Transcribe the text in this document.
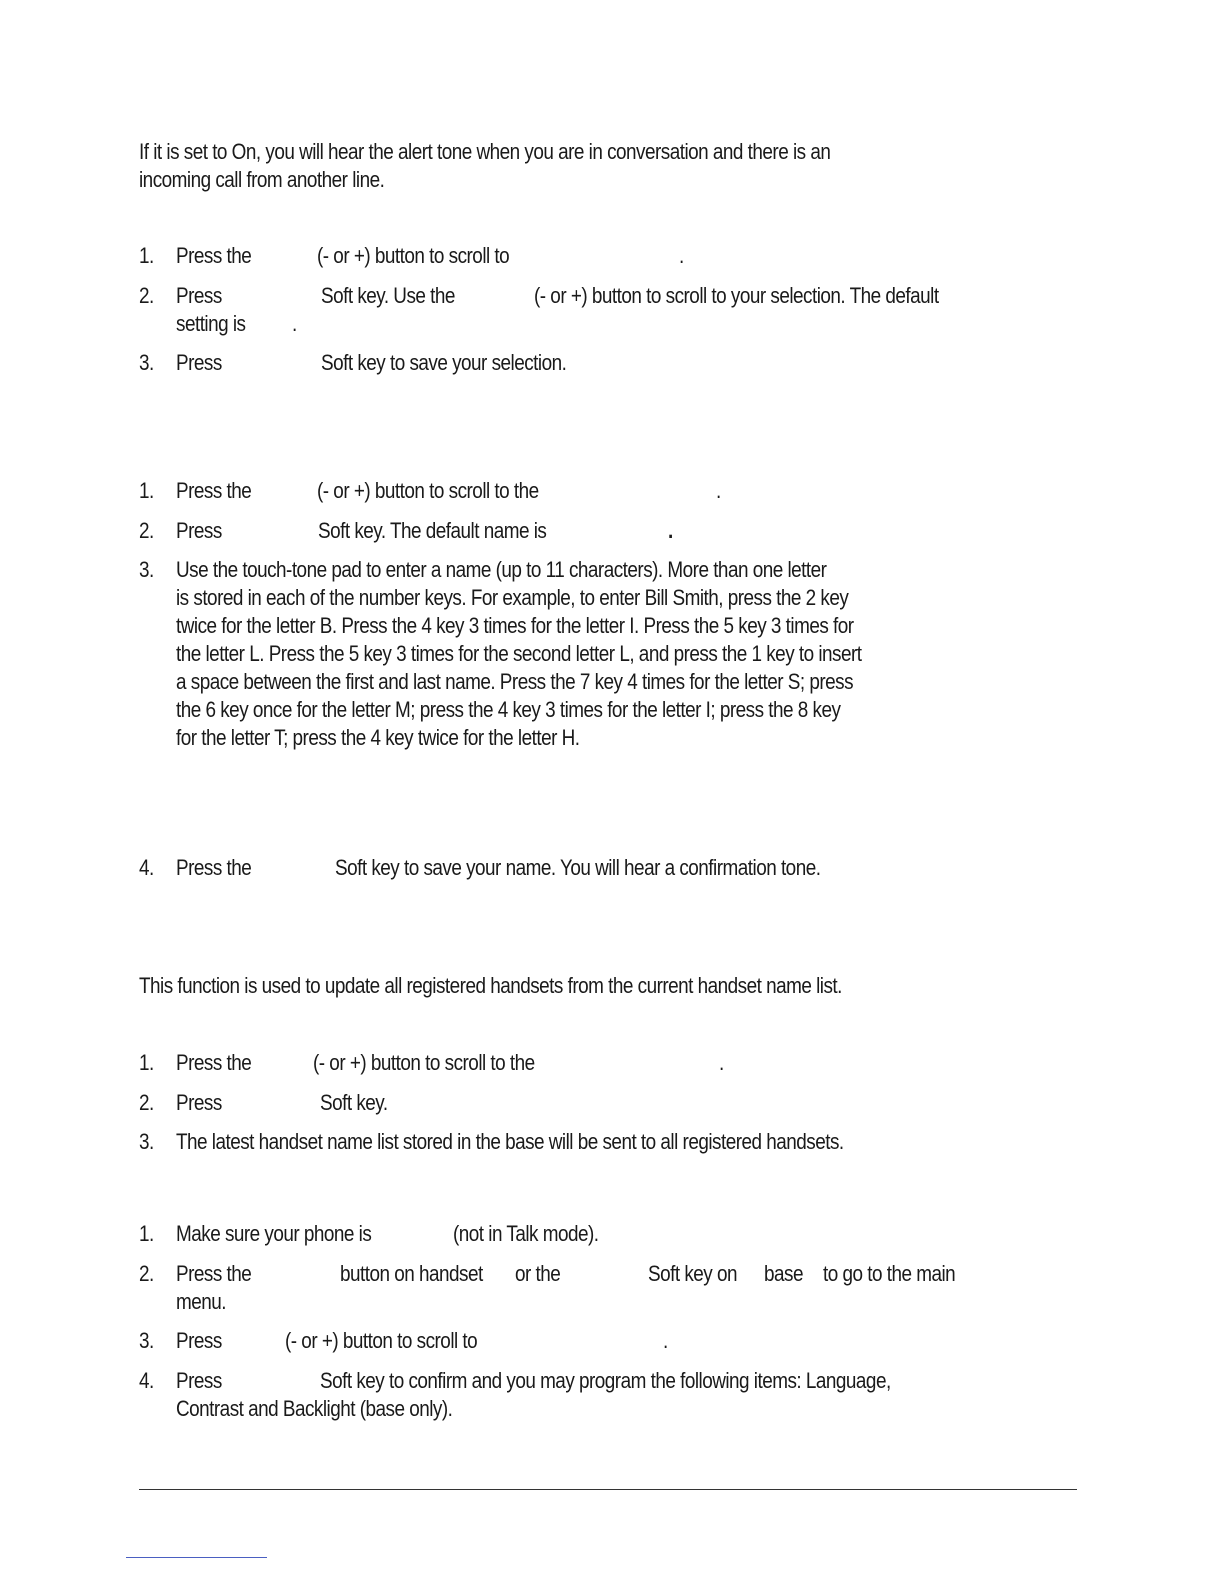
If it is set to On, you will hear the alert tone when you are in conversation and there is an
incoming call from another line.
1.	Press the	(- or +) button to scroll to	.
2.	Press	Soft key. Use the	(- or +) button to scroll to your selection. The default
setting is .
3.	Press	Soft key to save your selection.
1.	Press the	(- or +) button to scroll to the	.
2.	Press	Soft key. The default name is	.
3.	Use the touch-tone pad to enter a name (up to 11 characters). More than one letter
is stored in each of the number keys. For example, to enter Bill Smith, press the 2 key
twice for the letter B. Press the 4 key 3 times for the letter I. Press the 5 key 3 times for
the letter L. Press the 5 key 3 times for the second letter L, and press the 1 key to insert
a space between the first and last name. Press the 7 key 4 times for the letter S; press
the 6 key once for the letter M; press the 4 key 3 times for the letter I; press the 8 key
for the letter T; press the 4 key twice for the letter H.
4.	Press the	Soft key to save your name. You will hear a confirmation tone.
This function is used to update all registered handsets from the current handset name list.
1.	Press the	(- or +) button to scroll to the	.
2.	Press	Soft key.
3.	The latest handset name list stored in the base will be sent to all registered handsets.
1.	Make sure your phone is	(not in Talk mode).
2.	Press the	button on handset or the	Soft key on base to go to the main
menu.
3.	Press	(- or +) button to scroll to	.
4.	Press	Soft key to confirm and you may program the following items: Language,
Contrast and Backlight (base only).
